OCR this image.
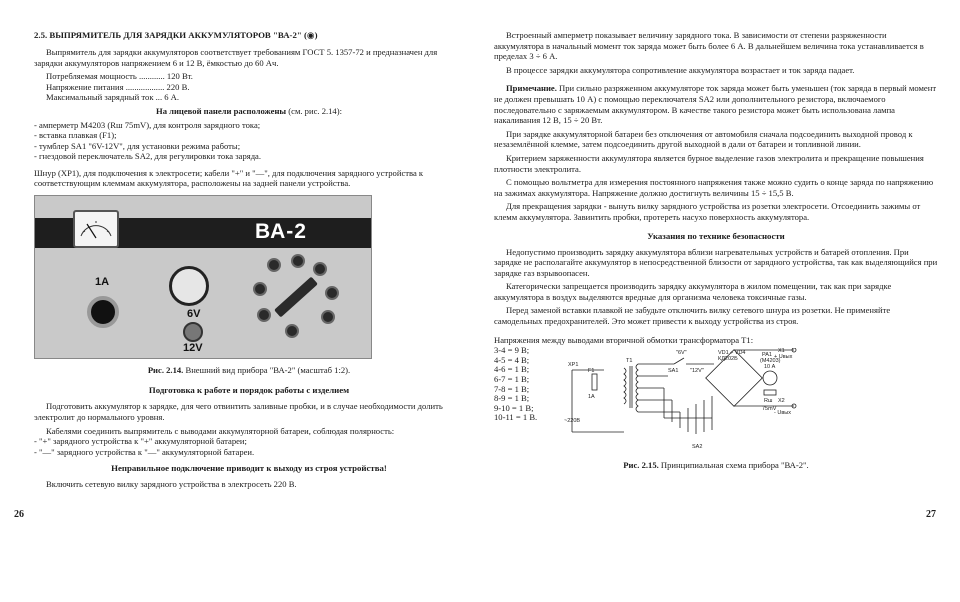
2.5. ВЫПРЯМИТЕЛЬ ДЛЯ ЗАРЯДКИ АККУМУЛЯТОРОВ "ВА-2" (◉)
Выпрямитель для зарядки аккумуляторов соответствует требованиям ГОСТ 5. 1357-72 и предназначен для зарядки аккумуляторов напряжением 6 и 12 В, ёмкостью до 60 Ач.
Потребляемая мощность ............ 120 Вт.
Напряжение питания .................. 220 В.
Максимальный зарядный ток ... 6 А.
На лицевой панели расположены (см. рис. 2.14):
- амперметр М4203 (Rш 75mV), для контроля зарядного тока;
- вставка плавкая (F1);
- тумблер SA1 "6V-12V", для установки режима работы;
- гнездовой переключатель SA2, для регулировки тока заряда.
Шнур (ХР1), для подключения к электросети; кабели "+" и "—", для подключения зарядного устройства к соответствующим клеммам аккумулятора, расположены на задней панели устройства.
ВА-2
1A
6V
12V
Рис. 2.14. Внешний вид прибора "ВА-2" (масштаб 1:2).
Подготовка к работе и порядок работы с изделием
Подготовить аккумулятор к зарядке, для чего отвинтить заливные пробки, и в случае необходимости долить электролит до нормального уровня.
Кабелями соединить выпрямитель с выводами аккумуляторной батареи, соблюдая полярность:
- "+" зарядного устройства к "+" аккумуляторной батареи;
- "—" зарядного устройства к "—" аккумуляторной батареи.
Неправильное подключение приводит к выходу из строя устройства!
Включить сетевую вилку зарядного устройства в электросеть 220 В.
26
Встроенный амперметр показывает величину зарядного тока. В зависимости от степени разряженности аккумулятора в начальный момент ток заряда может быть более 6 А. В дальнейшем величина тока устанавливается в пределах 3 ÷ 6 А.
В процессе зарядки аккумулятора сопротивление аккумулятора возрастает и ток заряда падает.
Примечание. При сильно разряженном аккумуляторе ток заряда может быть уменьшен (ток заряда в первый момент не должен превышать 10 А) с помощью переключателя SA2 или дополнительного резистора, включаемого последовательно с заряжаемым аккумулятором. В качестве такого резистора может быть использована лампа накаливания 12 В, 15 ÷ 20 Вт.
При зарядке аккумуляторной батареи без отключения от автомобиля сначала подсоединить выходной провод к незаземлённой клемме, затем подсоединить другой выходной в дали от батареи и топливной линии.
Критерием заряженности аккумулятора является бурное выделение газов электролита и прекращение повышения плотности электролита.
С помощью вольтметра для измерения постоянного напряжения также можно судить о конце заряда по напряжению на зажимах аккумулятора. Напряжение должно достигнуть величины 15 ÷ 15,5 В.
Для прекращения зарядки - вынуть вилку зарядного устройства из розетки электросети. Отсоединить зажимы от клемм аккумулятора. Завинтить пробки, протереть насухо поверхность аккумулятора.
Указания по технике безопасности
Недопустимо производить зарядку аккумулятора вблизи нагревательных устройств и батарей отопления. При зарядке не располагайте аккумулятор в непосредственной близости от зарядного устройства, так как выделяющийся при зарядке газ взрывоопасен.
Категорически запрещается производить зарядку аккумулятора в жилом помещении, так как при зарядке аккумулятора в воздух выделяются вредные для организма человека токсичные газы.
Перед заменой вставки плавкой не забудьте отключить вилку сетевого шнура из розетки. Не применяйте самодельных предохранителей. Это может привести к выходу устройства из строя.
Напряжения между выводами вторичной обмотки трансформатора Т1:
3-4 = 9 В;
4-5 = 4 В;
4-6 = 1 В;
6-7 = 1 В;
7-8 = 1 В;
8-9 = 1 В;
9-10 = 1 В;
10-11 = 1 В.
XP1
F1
1A
T1
SA1
"6V"
"12V"
~220В
VD1 ÷ VD4
КД202Б
PA1
(М4203)
10 А
X1
+ Uвых
X2
- Uвых
Rш
75mV
SA2
Рис. 2.15. Принципиальная схема прибора "ВА-2".
27
